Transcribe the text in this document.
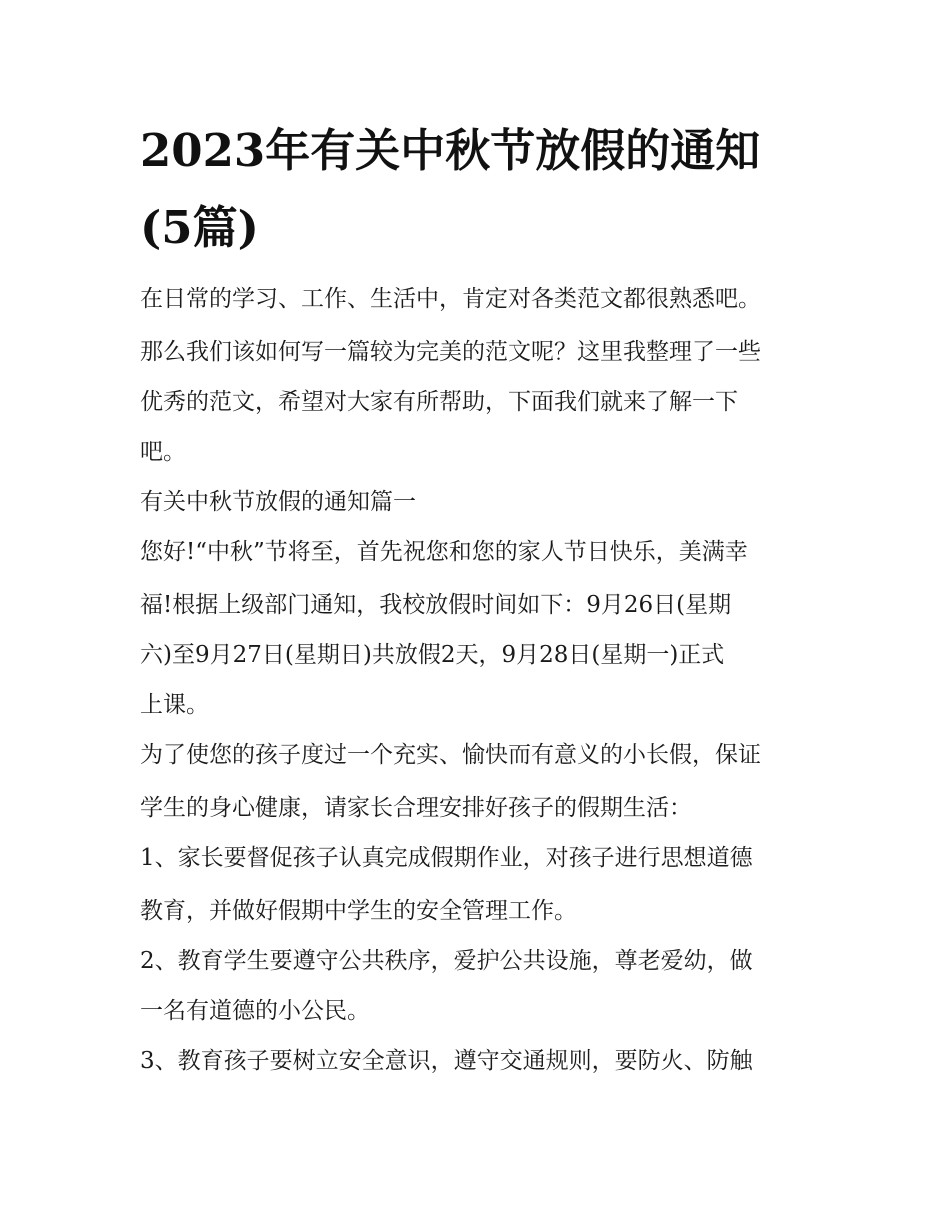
2023年有关中秋节放假的通知
(5篇)

在日常的学习、工作、生活中，肯定对各类范文都很熟悉吧。

那么我们该如何写一篇较为完美的范文呢？这里我整理了一些

优秀的范文，希望对大家有所帮助，下面我们就来了解一下

吧。

有关中秋节放假的通知篇一

您好!“中秋”节将至，首先祝您和您的家人节日快乐，美满幸

福!根据上级部门通知，我校放假时间如下：9月26日(星期

六)至9月27日(星期日)共放假2天，9月28日(星期一)正式

上课。

为了使您的孩子度过一个充实、愉快而有意义的小长假，保证

学生的身心健康，请家长合理安排好孩子的假期生活：

1、家长要督促孩子认真完成假期作业，对孩子进行思想道德

教育，并做好假期中学生的安全管理工作。

2、教育学生要遵守公共秩序，爱护公共设施，尊老爱幼，做

一名有道德的小公民。

3、教育孩子要树立安全意识，遵守交通规则，要防火、防触
